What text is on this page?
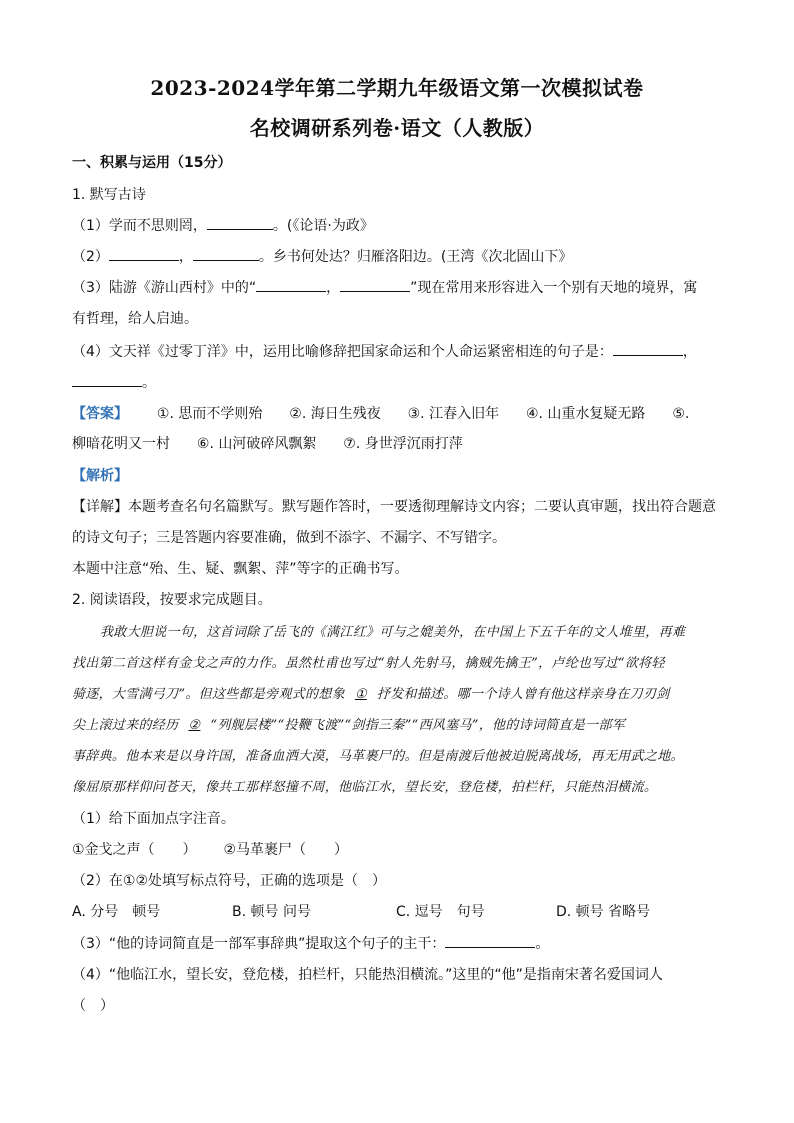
2023-2024学年第二学期九年级语文第一次模拟试卷
名校调研系列卷·语文（人教版）
一、积累与运用（15分）
1. 默写古诗
（1）学而不思则罔，	。(《论语·为政》
（2）	，	。乡书何处达？归雁洛阳边。(王湾《次北固山下》
（3）陆游《游山西村》中的“	，	”现在常用来形容进入一个别有天地的境界，寓
有哲理，给人启迪。
（4）文天祥《过零丁洋》中，运用比喻修辞把国家命运和个人命运紧密相连的句子是：	，
。
【答案】 ①. 思而不学则殆 ②. 海日生残夜 ③. 江春入旧年 ④. 山重水复疑无路 ⑤.
柳暗花明又一村 ⑥. 山河破碎风飘絮 ⑦. 身世浮沉雨打萍
【解析】
【详解】本题考查名句名篇默写。默写题作答时，一要透彻理解诗文内容；二要认真审题，找出符合题意
的诗文句子；三是答题内容要准确，做到不添字、不漏字、不写错字。
本题中注意“殆、生、疑、飘絮、萍”等字的正确书写。
2. 阅读语段，按要求完成题目。
我敢大胆说一句，这首词除了岳飞的《满江红》可与之媲美外，在中国上下五千年的文人堆里，再难
找出第二首这样有金戈之声的力作。虽然杜甫也写过“射人先射马，擒贼先擒王”，卢纶也写过“欲将轻
骑逐，大雪满弓刀”。但这些都是旁观式的想象 ① 抒发和描述。哪一个诗人曾有他这样亲身在刀刃剑
尖上滚过来的经历 ② “列舰层楼”“投鞭飞渡”“剑指三秦”“西风塞马”，他的诗词简直是一部军
事辞典。他本来是以身许国，准备血洒大漠，马革裹尸的。但是南渡后他被迫脱离战场，再无用武之地。
像屈原那样仰问苍天，像共工那样怒撞不周，他临江水，望长安，登危楼，拍栏杆，只能热泪横流。
（1）给下面加点字注音。
①金戈之声（　　） ②马革裹尸（　　）
（2）在①②处填写标点符号，正确的选项是（　）
A. 分号　顿号	B. 顿号 问号	C. 逗号　句号	D. 顿号 省略号
（3）“他的诗词简直是一部军事辞典”提取这个句子的主干：	。
（4）“他临江水，望长安，登危楼，拍栏杆，只能热泪横流。”这里的“他”是指南宋著名爱国词人
（　）
